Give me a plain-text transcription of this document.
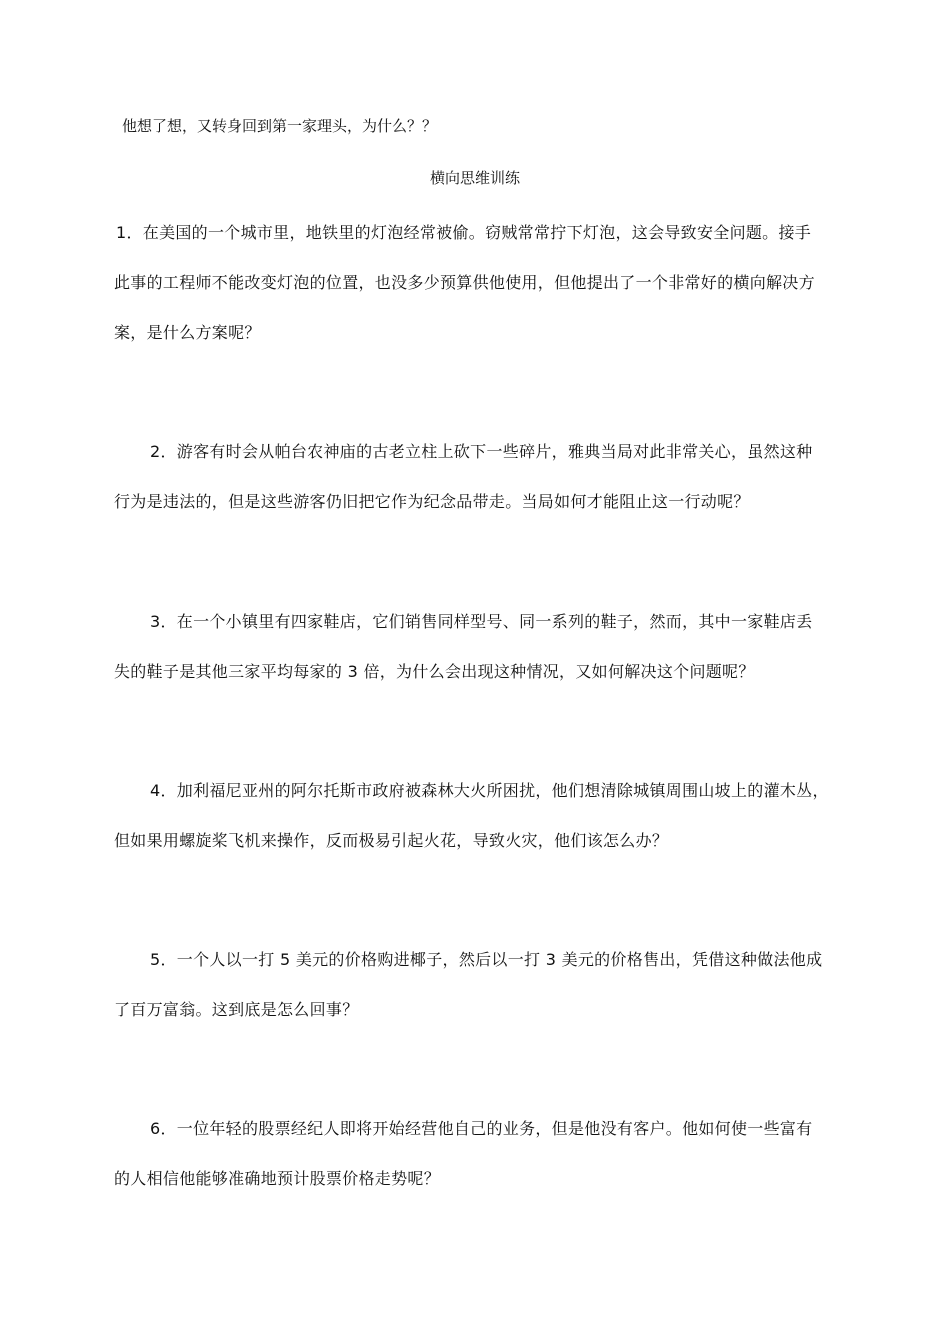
他想了想，又转身回到第一家理头，为什么？？
横向思维训练
1．在美国的一个城市里，地铁里的灯泡经常被偷。窃贼常常拧下灯泡，这会导致安全问题。接手
此事的工程师不能改变灯泡的位置，也没多少预算供他使用，但他提出了一个非常好的横向解决方
案，是什么方案呢？
2．游客有时会从帕台农神庙的古老立柱上砍下一些碎片，雅典当局对此非常关心，虽然这种
行为是违法的，但是这些游客仍旧把它作为纪念品带走。当局如何才能阻止这一行动呢？
3．在一个小镇里有四家鞋店，它们销售同样型号、同一系列的鞋子，然而，其中一家鞋店丢
失的鞋子是其他三家平均每家的 3 倍，为什么会出现这种情况，又如何解决这个问题呢？
4．加利福尼亚州的阿尔托斯市政府被森林大火所困扰，他们想清除城镇周围山坡上的灌木丛，
但如果用螺旋桨飞机来操作，反而极易引起火花，导致火灾，他们该怎么办？
5．一个人以一打 5 美元的价格购进椰子，然后以一打 3 美元的价格售出，凭借这种做法他成
了百万富翁。这到底是怎么回事？
6．一位年轻的股票经纪人即将开始经营他自己的业务，但是他没有客户。他如何使一些富有
的人相信他能够准确地预计股票价格走势呢？
